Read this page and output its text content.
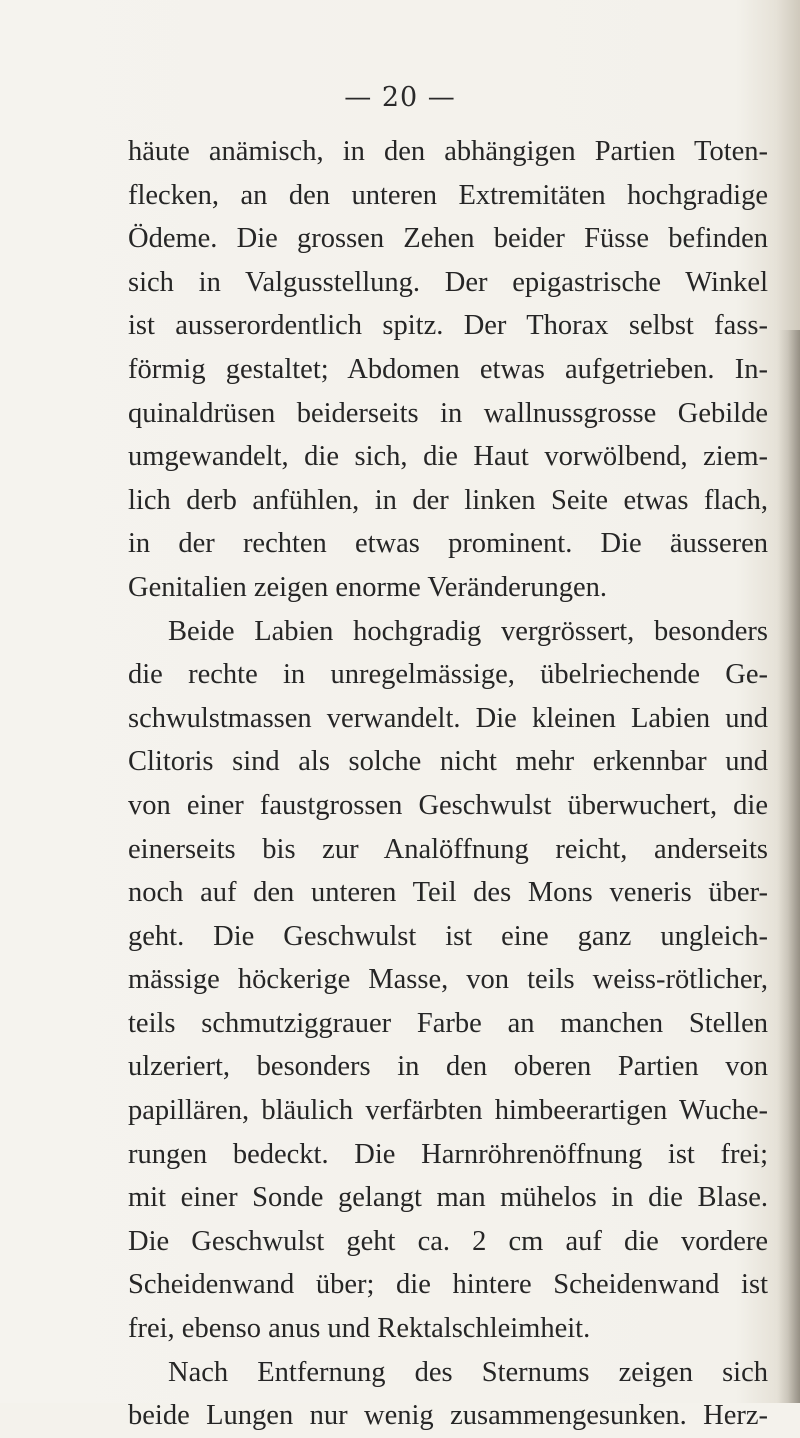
— 20 —

häute anämisch, in den abhängigen Partien Toten-
flecken, an den unteren Extremitäten hochgradige
Ödeme. Die grossen Zehen beider Füsse befinden
sich in Valgusstellung. Der epigastrische Winkel
ist ausserordentlich spitz. Der Thorax selbst fass-
förmig gestaltet; Abdomen etwas aufgetrieben. In-
quinaldrüsen beiderseits in wallnussgrosse Gebilde
umgewandelt, die sich, die Haut vorwölbend, ziem-
lich derb anfühlen, in der linken Seite etwas flach,
in der rechten etwas prominent. Die äusseren
Genitalien zeigen enorme Veränderungen.
Beide Labien hochgradig vergrössert, besonders
die rechte in unregelmässige, übelriechende Ge-
schwulstmassen verwandelt. Die kleinen Labien und
Clitoris sind als solche nicht mehr erkennbar und
von einer faustgrossen Geschwulst überwuchert, die
einerseits bis zur Analöffnung reicht, anderseits
noch auf den unteren Teil des Mons veneris über-
geht. Die Geschwulst ist eine ganz ungleich-
mässige höckerige Masse, von teils weiss-rötlicher,
teils schmutziggrauer Farbe an manchen Stellen
ulzeriert, besonders in den oberen Partien von
papillären, bläulich verfärbten himbeerartigen Wuche-
rungen bedeckt. Die Harnröhrenöffnung ist frei;
mit einer Sonde gelangt man mühelos in die Blase.
Die Geschwulst geht ca. 2 cm auf die vordere
Scheidenwand über; die hintere Scheidenwand ist
frei, ebenso anus und Rektalschleimheit.
Nach Entfernung des Sternums zeigen sich
beide Lungen nur wenig zusammengesunken. Herz-
